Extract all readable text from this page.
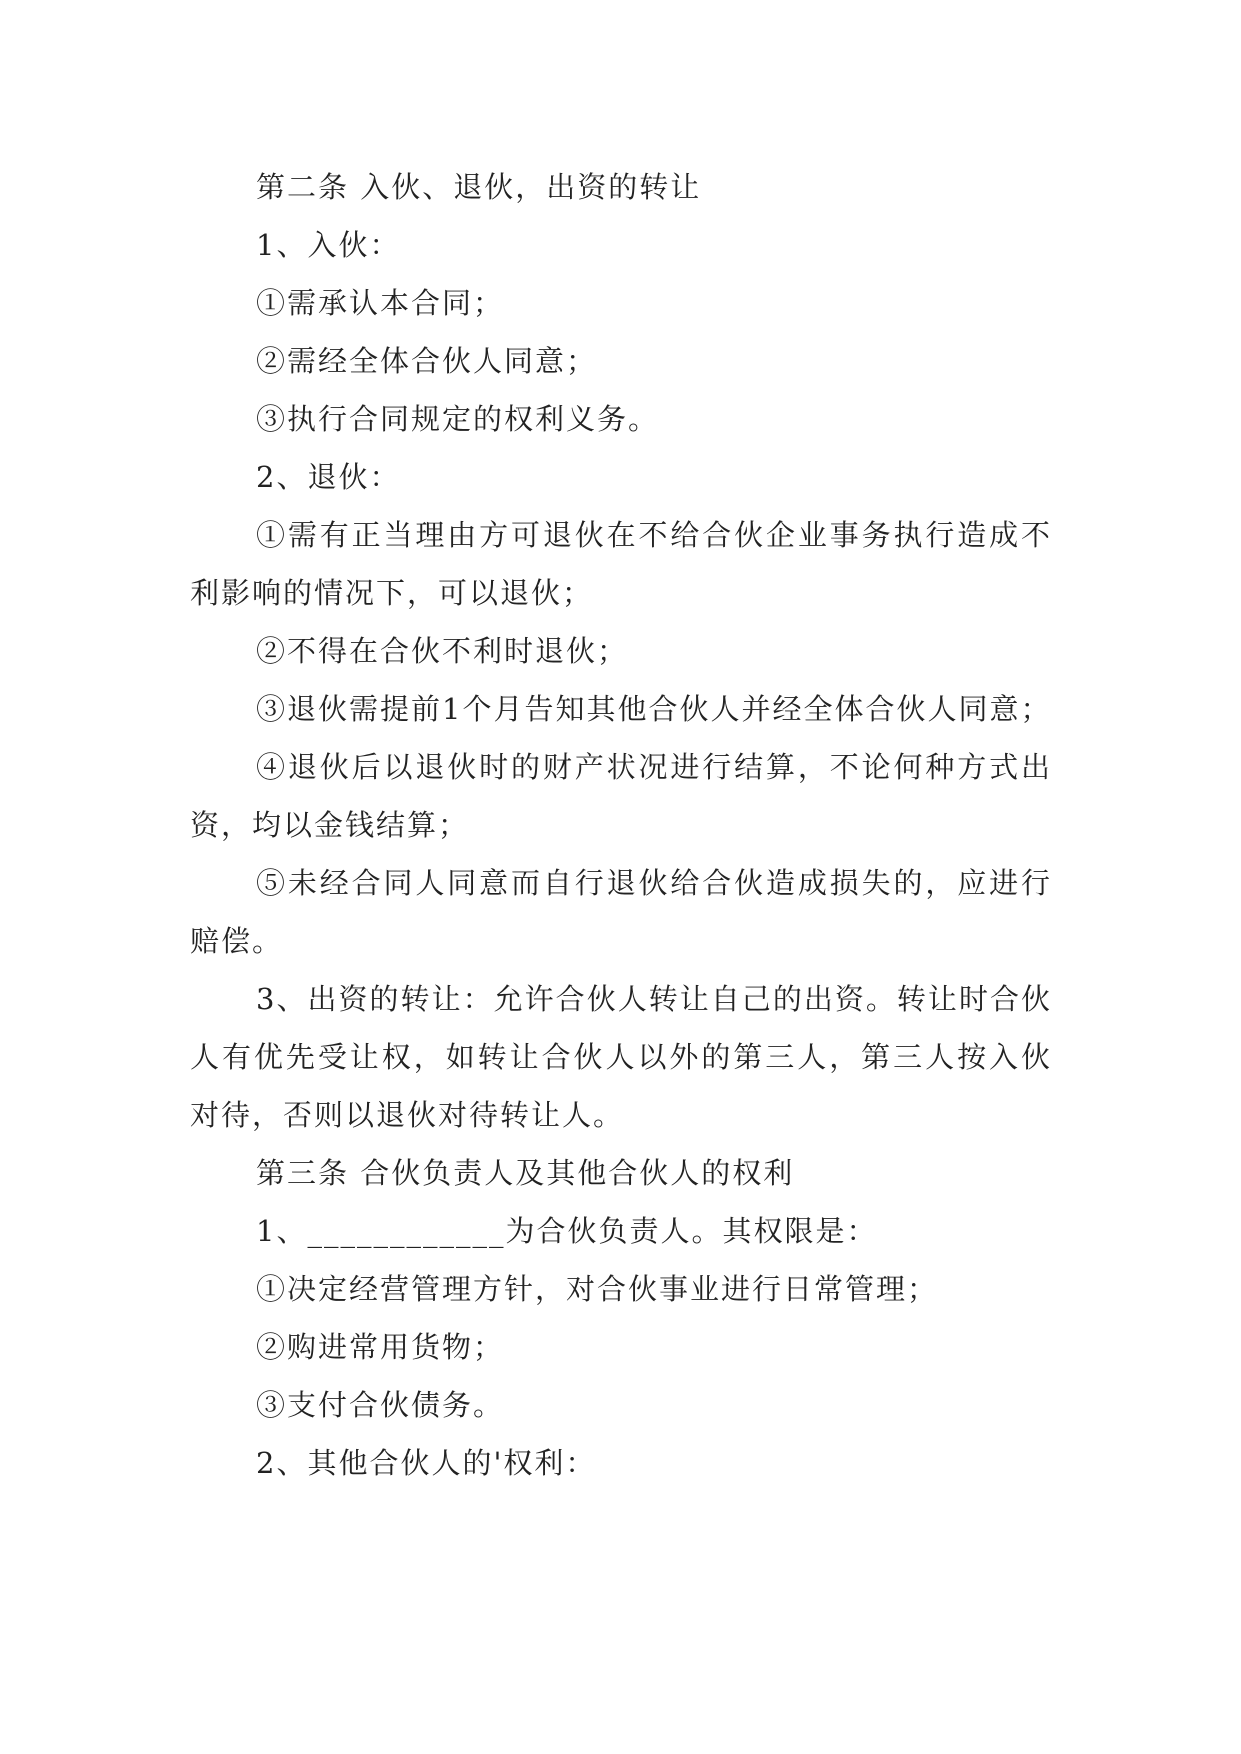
第二条 入伙、退伙，出资的转让

1、入伙：

①需承认本合同；

②需经全体合伙人同意；

③执行合同规定的权利义务。

2、退伙：

①需有正当理由方可退伙在不给合伙企业事务执行造成不利影响的情况下，可以退伙；

②不得在合伙不利时退伙；

③退伙需提前1个月告知其他合伙人并经全体合伙人同意；

④退伙后以退伙时的财产状况进行结算，不论何种方式出资，均以金钱结算；

⑤未经合同人同意而自行退伙给合伙造成损失的，应进行赔偿。

3、出资的转让：允许合伙人转让自己的出资。转让时合伙人有优先受让权，如转让合伙人以外的第三人，第三人按入伙对待，否则以退伙对待转让人。

第三条 合伙负责人及其他合伙人的权利

1、____________为合伙负责人。其权限是：

①决定经营管理方针，对合伙事业进行日常管理；

②购进常用货物；

③支付合伙债务。

2、其他合伙人的'权利：
